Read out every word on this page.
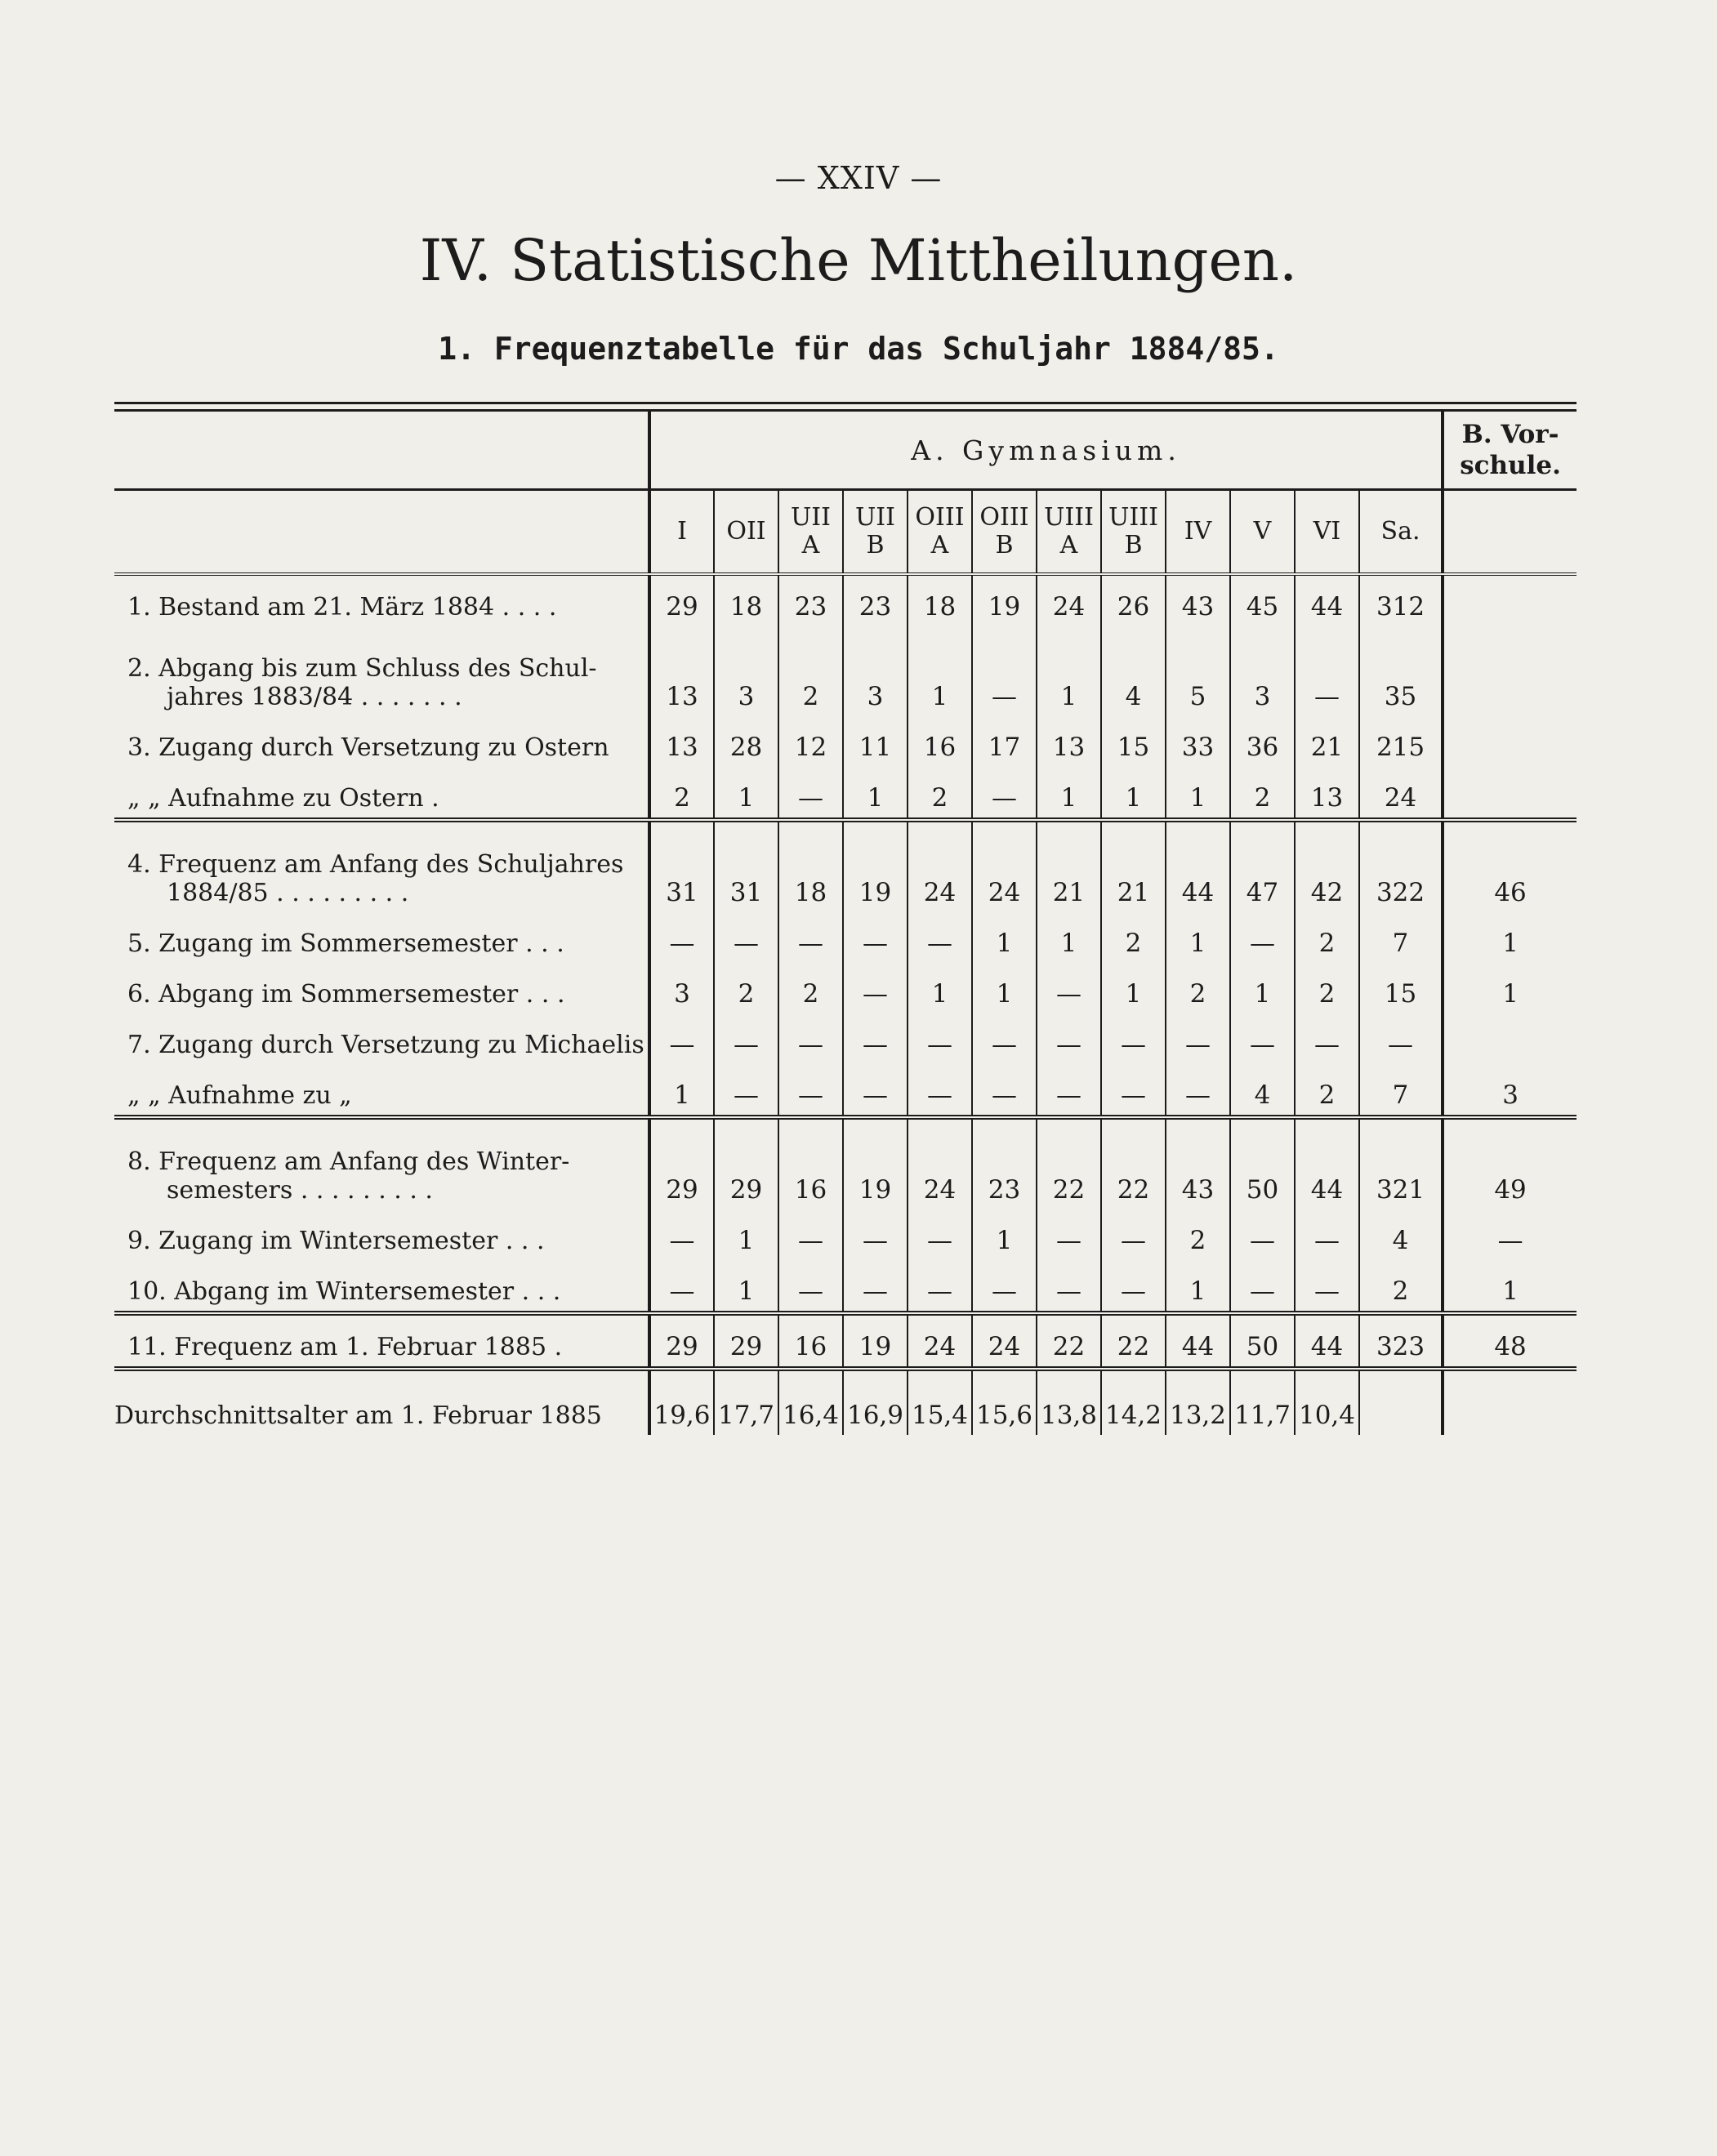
— XXIV —
IV. Statistische Mittheilungen.
1. Frequenztabelle für das Schuljahr 1884/85.
	A. Gymnasium.												B. Vor-schule.
	I	OII	UII A	UII B	OIII A	OIII B	UIII A	UIII B	IV	V	VI	Sa.	
1. Bestand am 21. März 1884 . . . .	29	18	23	23	18	19	24	26	43	45	44	312	
2. Abgang bis zum Schluss des Schul-
jahres 1883/84 . . . . . . .	13	3	2	3	1	—	1	4	5	3	—	35	
3. Zugang durch Versetzung zu Ostern	13	28	12	11	16	17	13	15	33	36	21	215	
„ „ Aufnahme zu Ostern .	2	1	—	1	2	—	1	1	1	2	13	24	
4. Frequenz am Anfang des Schuljahres
1884/85 . . . . . . . . .	31	31	18	19	24	24	21	21	44	47	42	322	46
5. Zugang im Sommersemester . . .	—	—	—	—	—	1	1	2	1	—	2	7	1
6. Abgang im Sommersemester . . .	3	2	2	—	1	1	—	1	2	1	2	15	1
7. Zugang durch Versetzung zu Michaelis	—	—	—	—	—	—	—	—	—	—	—	—	
„ „ Aufnahme zu „	1	—	—	—	—	—	—	—	—	4	2	7	3
8. Frequenz am Anfang des Winter-
semesters . . . . . . . . .	29	29	16	19	24	23	22	22	43	50	44	321	49
9. Zugang im Wintersemester . . .	—	1	—	—	—	1	—	—	2	—	—	4	—
10. Abgang im Wintersemester . . .	—	1	—	—	—	—	—	—	1	—	—	2	1
11. Frequenz am 1. Februar 1885 .	29	29	16	19	24	24	22	22	44	50	44	323	48
Durchschnittsalter am 1. Februar 1885	19,6	17,7	16,4	16,9	15,4	15,6	13,8	14,2	13,2	11,7	10,4		
